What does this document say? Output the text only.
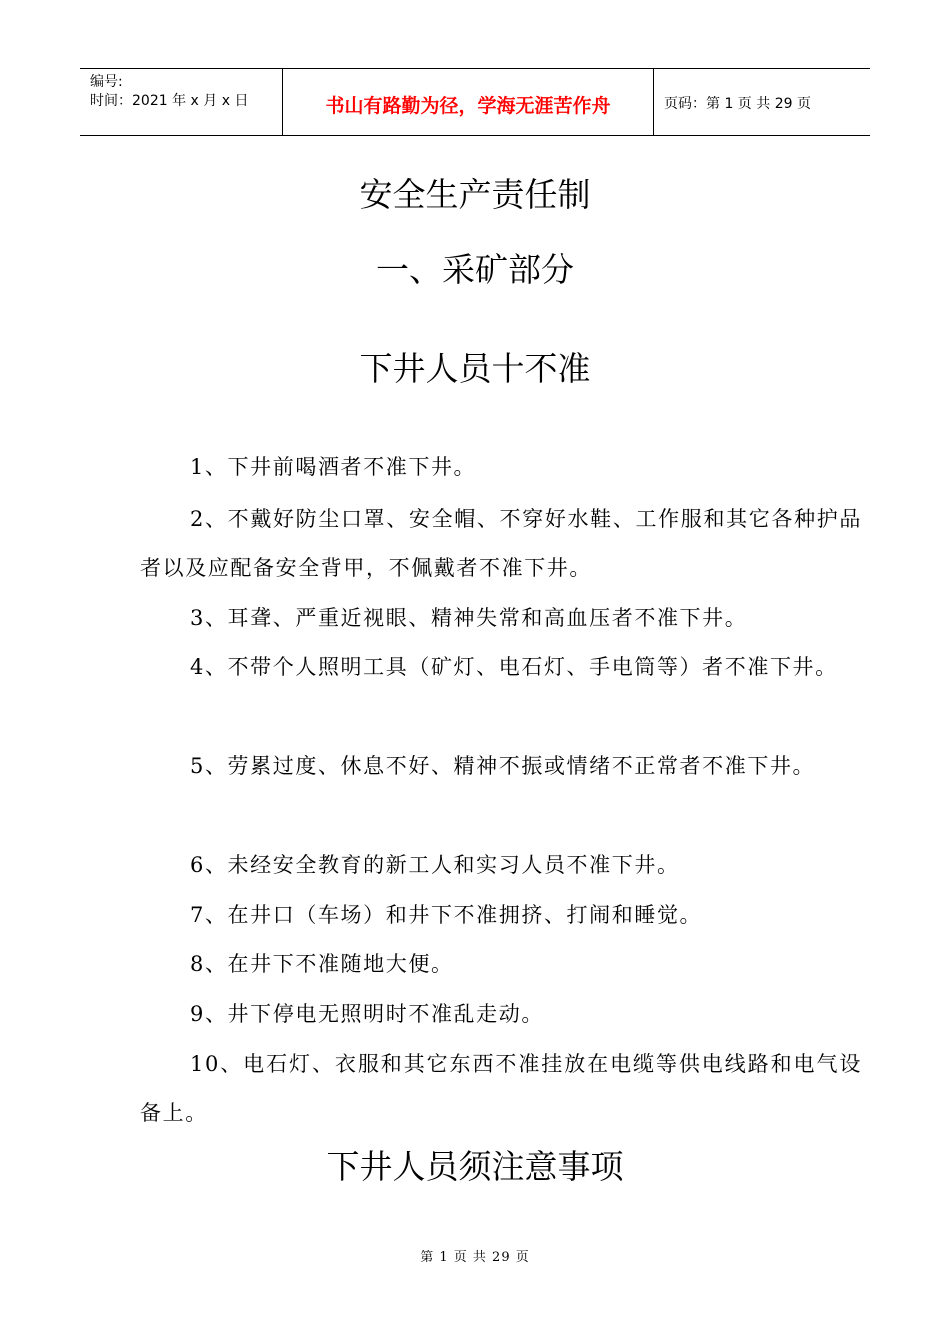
编号:
时间：2021 年 x 月 x 日	书山有路勤为径，学海无涯苦作舟	页码：第 1 页 共 29 页
安全生产责任制
一、采矿部分
下井人员十不准
1、下井前喝酒者不准下井。
2、不戴好防尘口罩、安全帽、不穿好水鞋、工作服和其它各种护品者以及应配备安全背甲，不佩戴者不准下井。
3、耳聋、严重近视眼、精神失常和高血压者不准下井。
4、不带个人照明工具（矿灯、电石灯、手电筒等）者不准下井。
5、劳累过度、休息不好、精神不振或情绪不正常者不准下井。
6、未经安全教育的新工人和实习人员不准下井。
7、在井口（车场）和井下不准拥挤、打闹和睡觉。
8、在井下不准随地大便。
9、井下停电无照明时不准乱走动。
10、电石灯、衣服和其它东西不准挂放在电缆等供电线路和电气设备上。
下井人员须注意事项
第 1 页 共 29 页
